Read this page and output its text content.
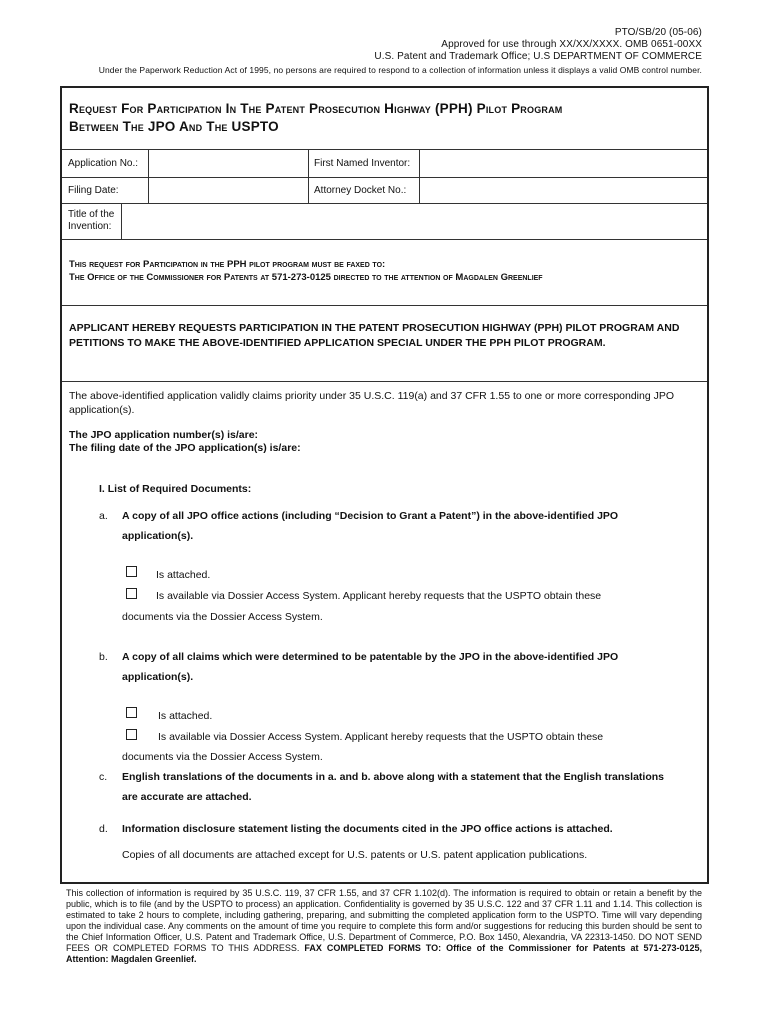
PTO/SB/20 (05-06)
Approved for use through XX/XX/XXXX. OMB 0651-00XX
U.S. Patent and Trademark Office; U.S DEPARTMENT OF COMMERCE
Under the Paperwork Reduction Act of 1995, no persons are required to respond to a collection of information unless it displays a valid OMB control number.
Request For Participation In The Patent Prosecution Highway (PPH) Pilot Program
Between The JPO And The USPTO
Application No.:	First Named Inventor:
Filing Date:	Attorney Docket No.:
Title of the Invention:
This request for Participation in the PPH pilot program must be faxed to:
The Office of the Commissioner for Patents at 571-273-0125 directed to the attention of Magdalen Greenlief
APPLICANT HEREBY REQUESTS PARTICIPATION IN THE PATENT PROSECUTION HIGHWAY (PPH) PILOT PROGRAM AND PETITIONS TO MAKE THE ABOVE-IDENTIFIED APPLICATION SPECIAL UNDER THE PPH PILOT PROGRAM.
The above-identified application validly claims priority under 35 U.S.C. 119(a) and 37 CFR 1.55 to one or more corresponding JPO application(s).
The JPO application number(s) is/are:
The filing date of the JPO application(s) is/are:
I. List of Required Documents:
a. A copy of all JPO office actions (including “Decision to Grant a Patent”) in the above-identified JPO application(s).
Is attached.
Is available via Dossier Access System. Applicant hereby requests that the USPTO obtain these
documents via the Dossier Access System.
b. A copy of all claims which were determined to be patentable by the JPO in the above-identified JPO application(s).
Is attached.
Is available via Dossier Access System. Applicant hereby requests that the USPTO obtain these
documents via the Dossier Access System.
c. English translations of the documents in a. and b. above along with a statement that the English translations are accurate are attached.
d. Information disclosure statement listing the documents cited in the JPO office actions is attached.
Copies of all documents are attached except for U.S. patents or U.S. patent application publications.
This collection of information is required by 35 U.S.C. 119, 37 CFR 1.55, and 37 CFR 1.102(d). The information is required to obtain or retain a benefit by the public, which is to file (and by the USPTO to process) an application. Confidentiality is governed by 35 U.S.C. 122 and 37 CFR 1.11 and 1.14. This collection is estimated to take 2 hours to complete, including gathering, preparing, and submitting the completed application form to the USPTO. Time will vary depending upon the individual case. Any comments on the amount of time you require to complete this form and/or suggestions for reducing this burden should be sent to the Chief Information Officer, U.S. Patent and Trademark Office, U.S. Department of Commerce, P.O. Box 1450, Alexandria, VA 22313-1450. DO NOT SEND FEES OR COMPLETED FORMS TO THIS ADDRESS. FAX COMPLETED FORMS TO: Office of the Commissioner for Patents at 571-273-0125, Attention: Magdalen Greenlief.
